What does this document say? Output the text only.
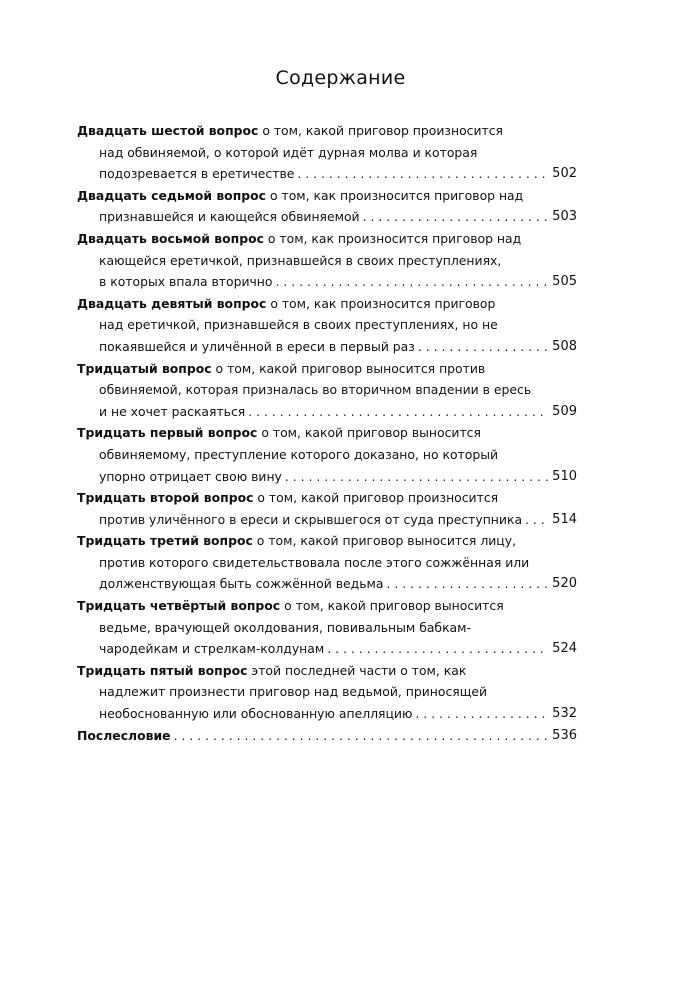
Содержание
Двадцать шестой вопрос о том, какой приговор произносится
над обвиняемой, о которой идёт дурная молва и которая
подозревается в еретичестве . . .	502
Двадцать седьмой вопрос о том, как произносится приговор над
признавшейся и кающейся обвиняемой . . .	503
Двадцать восьмой вопрос о том, как произносится приговор над
кающейся еретичкой, признавшейся в своих преступлениях,
в которых впала вторично . . .	505
Двадцать девятый вопрос о том, как произносится приговор
над еретичкой, признавшейся в своих преступлениях, но не
покаявшейся и уличённой в ереси в первый раз . . .	508
Тридцатый вопрос о том, какой приговор выносится против
обвиняемой, которая призналась во вторичном впадении в ересь
и не хочет раскаяться . . .	509
Тридцать первый вопрос о том, какой приговор выносится
обвиняемому, преступление которого доказано, но который
упорно отрицает свою вину . . .	510
Тридцать второй вопрос о том, какой приговор произносится
против уличённого в ереси и скрывшегося от суда преступника . . . 514
Тридцать третий вопрос о том, какой приговор выносится лицу,
против которого свидетельствовала после этого сожжённая или
долженствующая быть сожжённой ведьма . . .	520
Тридцать четвёртый вопрос о том, какой приговор выносится
ведьме, врачующей околдования, повивальным бабкам-
чародейкам и стрелкам-колдунам . . .	524
Тридцать пятый вопрос этой последней части о том, как
надлежит произнести приговор над ведьмой, приносящей
необоснованную или обоснованную апелляцию . . .	532
Послесловие . . .	536
